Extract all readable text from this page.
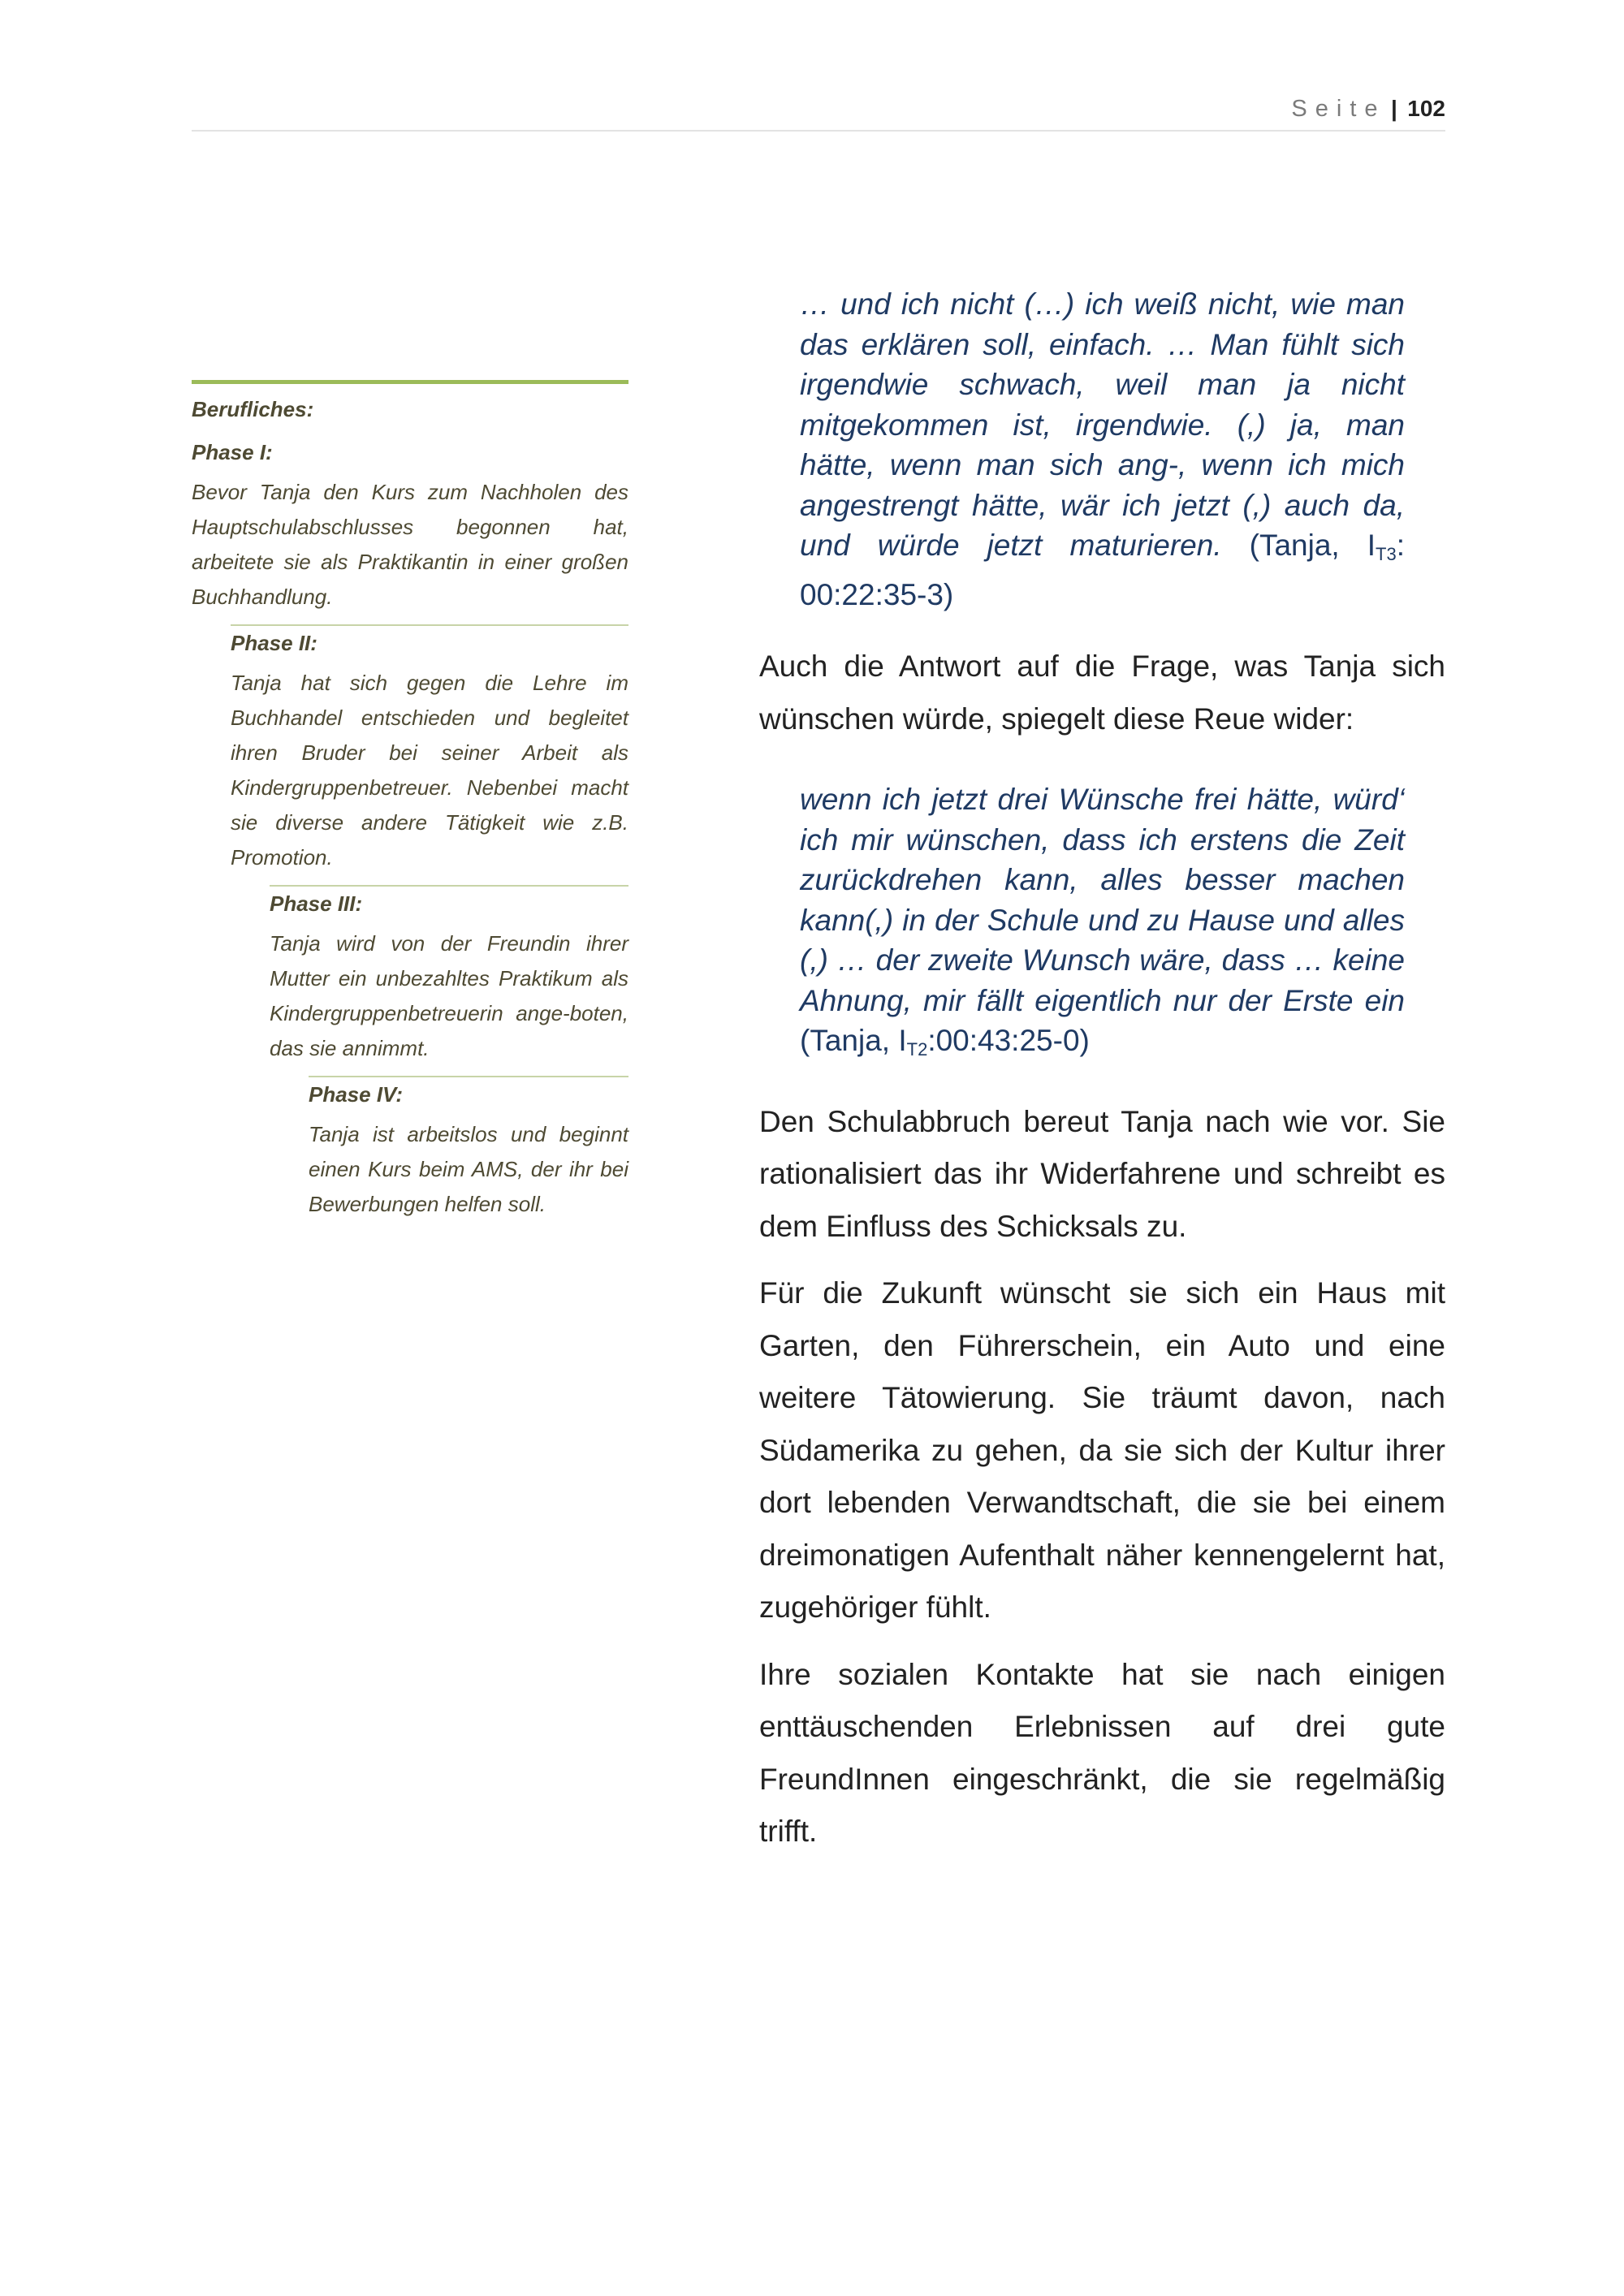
Seite | 102
Berufliches:
Phase I:
Bevor Tanja den Kurs zum Nachholen des Hauptschulabschlusses begonnen hat, arbeitete sie als Praktikantin in einer großen Buchhandlung.
Phase II:
Tanja hat sich gegen die Lehre im Buchhandel entschieden und begleitet ihren Bruder bei seiner Arbeit als Kindergruppenbetreuer. Nebenbei macht sie diverse andere Tätigkeit wie z.B. Promotion.
Phase III:
Tanja wird von der Freundin ihrer Mutter ein unbezahltes Praktikum als Kindergruppenbetreuerin ange-boten, das sie annimmt.
Phase IV:
Tanja ist arbeitslos und beginnt einen Kurs beim AMS, der ihr bei Bewerbungen helfen soll.
… und ich nicht (…) ich weiß nicht, wie man das erklären soll, einfach. … Man fühlt sich irgendwie schwach, weil man ja nicht mitgekommen ist, irgendwie. (,) ja, man hätte, wenn man sich ang-, wenn ich mich angestrengt hätte, wär ich jetzt (,) auch da, und würde jetzt maturieren. (Tanja, $I_{T3}$: 00:22:35-3)

Auch die Antwort auf die Frage, was Tanja sich wünschen würde, spiegelt diese Reue wider:

wenn ich jetzt drei Wünsche frei hätte, würd‘ ich mir wünschen, dass ich erstens die Zeit zurückdrehen kann, alles besser machen kann(,) in der Schule und zu Hause und alles (,) … der zweite Wunsch wäre, dass … keine Ahnung, mir fällt eigentlich nur der Erste ein (Tanja, $I_{T2}:00:43:25-0$)

Den Schulabbruch bereut Tanja nach wie vor. Sie rationalisiert das ihr Widerfahrene und schreibt es dem Einfluss des Schicksals zu.

Für die Zukunft wünscht sie sich ein Haus mit Garten, den Führerschein, ein Auto und eine weitere Tätowierung. Sie träumt davon, nach Südamerika zu gehen, da sie sich der Kultur ihrer dort lebenden Verwandtschaft, die sie bei einem dreimonatigen Aufenthalt näher kennengelernt hat, zugehöriger fühlt.

Ihre sozialen Kontakte hat sie nach einigen enttäuschenden Erlebnissen auf drei gute FreundInnen eingeschränkt, die sie regelmäßig trifft.
